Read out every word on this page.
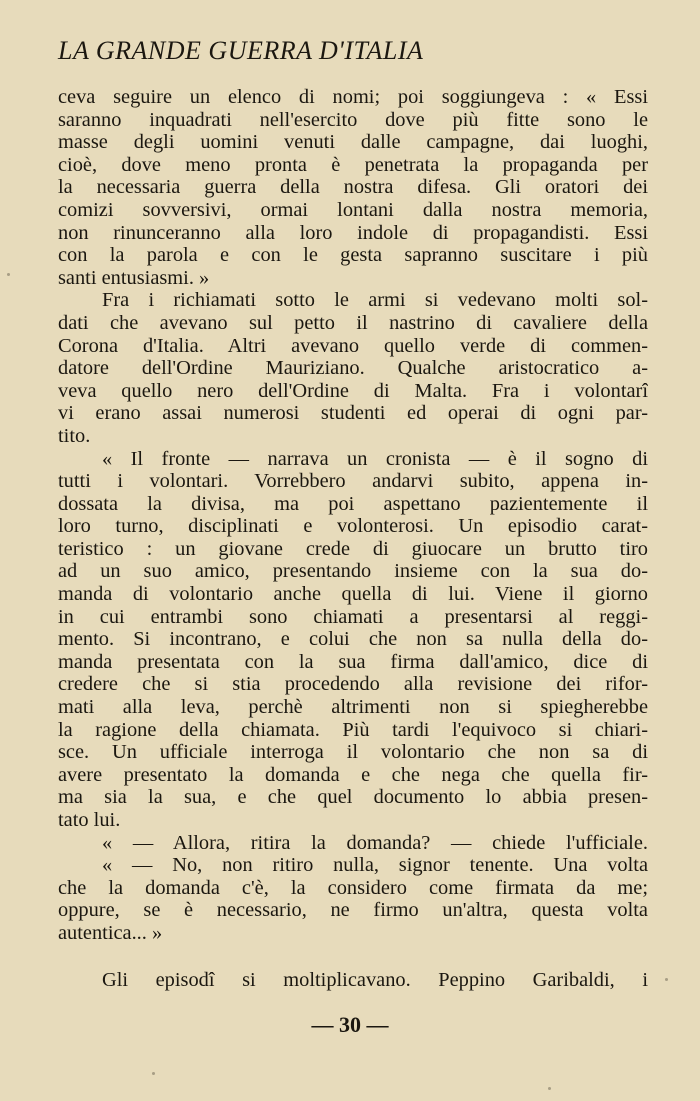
LA GRANDE GUERRA D'ITALIA
ceva seguire un elenco di nomi; poi soggiungeva : « Essi
saranno inquadrati nell'esercito dove più fitte sono le
masse degli uomini venuti dalle campagne, dai luoghi,
cioè, dove meno pronta è penetrata la propaganda per
la necessaria guerra della nostra difesa. Gli oratori dei
comizi sovversivi, ormai lontani dalla nostra memoria,
non rinunceranno alla loro indole di propagandisti. Essi
con la parola e con le gesta sapranno suscitare i più
santi entusiasmi. »
Fra i richiamati sotto le armi si vedevano molti sol-
dati che avevano sul petto il nastrino di cavaliere della
Corona d'Italia. Altri avevano quello verde di commen-
datore dell'Ordine Mauriziano. Qualche aristocratico a-
veva quello nero dell'Ordine di Malta. Fra i volontarî
vi erano assai numerosi studenti ed operai di ogni par-
tito.
« Il fronte — narrava un cronista — è il sogno di
tutti i volontari. Vorrebbero andarvi subito, appena in-
dossata la divisa, ma poi aspettano pazientemente il
loro turno, disciplinati e volonterosi. Un episodio carat-
teristico : un giovane crede di giuocare un brutto tiro
ad un suo amico, presentando insieme con la sua do-
manda di volontario anche quella di lui. Viene il giorno
in cui entrambi sono chiamati a presentarsi al reggi-
mento. Si incontrano, e colui che non sa nulla della do-
manda presentata con la sua firma dall'amico, dice di
credere che si stia procedendo alla revisione dei rifor-
mati alla leva, perchè altrimenti non si spiegherebbe
la ragione della chiamata. Più tardi l'equivoco si chiari-
sce. Un ufficiale interroga il volontario che non sa di
avere presentato la domanda e che nega che quella fir-
ma sia la sua, e che quel documento lo abbia presen-
tato lui.
« — Allora, ritira la domanda? — chiede l'ufficiale.
« — No, non ritiro nulla, signor tenente. Una volta
che la domanda c'è, la considero come firmata da me;
oppure, se è necessario, ne firmo un'altra, questa volta
autentica... »
Gli episodî si moltiplicavano. Peppino Garibaldi, i
— 30 —
